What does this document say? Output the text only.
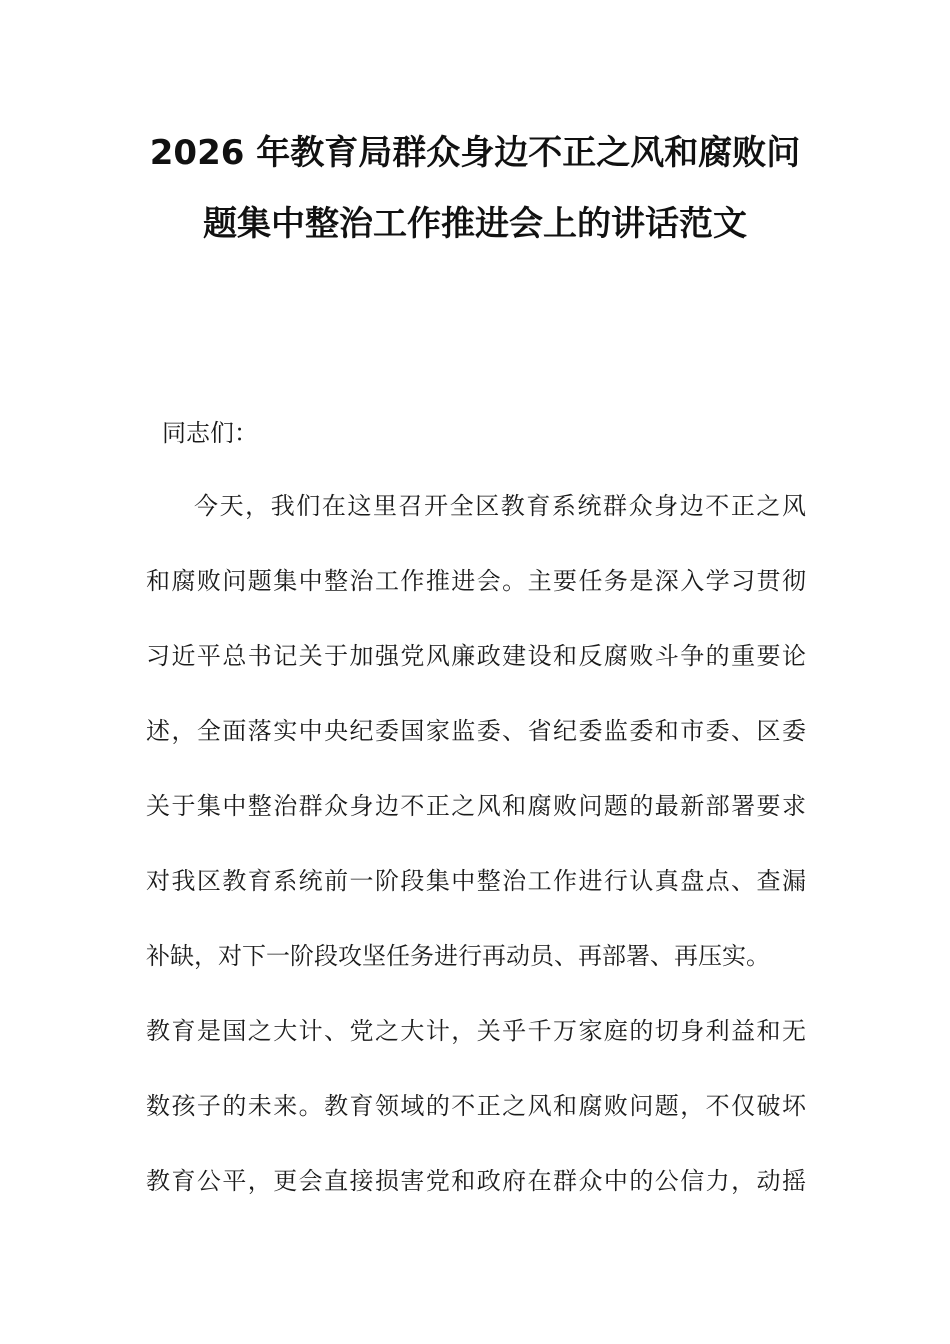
2026 年教育局群众身边不正之风和腐败问
题集中整治工作推进会上的讲话范文
同志们：
今天，我们在这里召开全区教育系统群众身边不正之风
和腐败问题集中整治工作推进会。主要任务是深入学习贯彻
习近平总书记关于加强党风廉政建设和反腐败斗争的重要论
述，全面落实中央纪委国家监委、省纪委监委和市委、区委
关于集中整治群众身边不正之风和腐败问题的最新部署要求
对我区教育系统前一阶段集中整治工作进行认真盘点、查漏
补缺，对下一阶段攻坚任务进行再动员、再部署、再压实。
教育是国之大计、党之大计，关乎千万家庭的切身利益和无
数孩子的未来。教育领域的不正之风和腐败问题，不仅破坏
教育公平，更会直接损害党和政府在群众中的公信力，动摇
